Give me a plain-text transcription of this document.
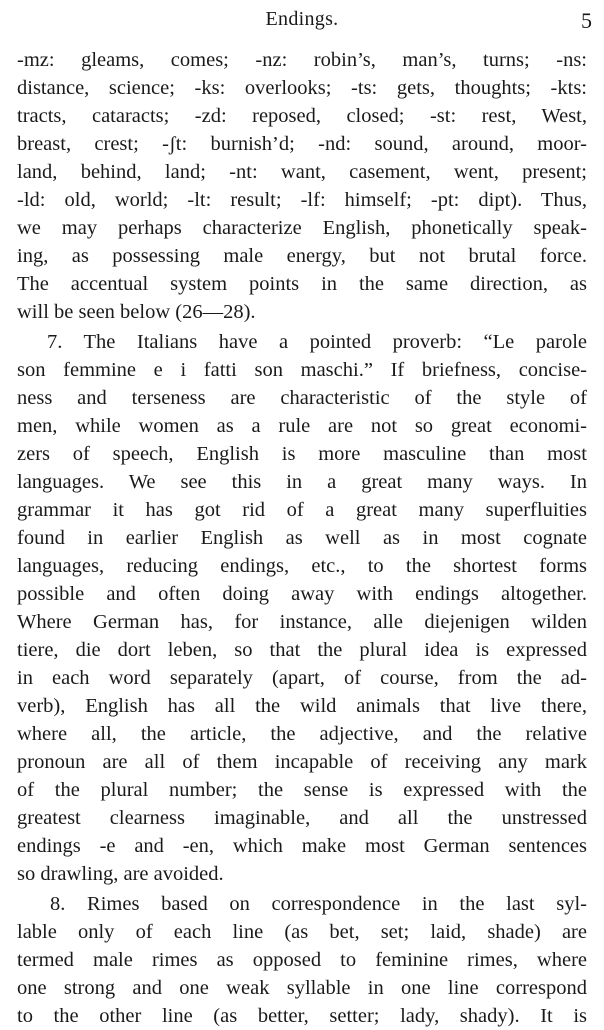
Endings.	5
-mz: gleams, comes; -nz: robin’s, man’s, turns; -ns:
distance, science; -ks: overlooks; -ts: gets, thoughts; -kts:
tracts, cataracts; -zd: reposed, closed; -st: rest, West,
breast, crest; -ʃt: burnish’d; -nd: sound, around, moor-
land, behind, land; -nt: want, casement, went, present;
-ld: old, world; -lt: result; -lf: himself; -pt: dipt). Thus,
we may perhaps characterize English, phonetically speak-
ing, as possessing male energy, but not brutal force.
The accentual system points in the same direction, as
will be seen below (26—28).
7. The Italians have a pointed proverb: “Le parole
son femmine e i fatti son maschi.” If briefness, concise-
ness and terseness are characteristic of the style of
men, while women as a rule are not so great economi-
zers of speech, English is more masculine than most
languages. We see this in a great many ways. In
grammar it has got rid of a great many superfluities
found in earlier English as well as in most cognate
languages, reducing endings, etc., to the shortest forms
possible and often doing away with endings altogether.
Where German has, for instance, alle diejenigen wilden
tiere, die dort leben, so that the plural idea is expressed
in each word separately (apart, of course, from the ad-
verb), English has all the wild animals that live there,
where all, the article, the adjective, and the relative
pronoun are all of them incapable of receiving any mark
of the plural number; the sense is expressed with the
greatest clearness imaginable, and all the unstressed
endings -e and -en, which make most German sentences
so drawling, are avoided.
8. Rimes based on correspondence in the last syl-
lable only of each line (as bet, set; laid, shade) are
termed male rimes as opposed to feminine rimes, where
one strong and one weak syllable in one line correspond
to the other line (as better, setter; lady, shady). It is
